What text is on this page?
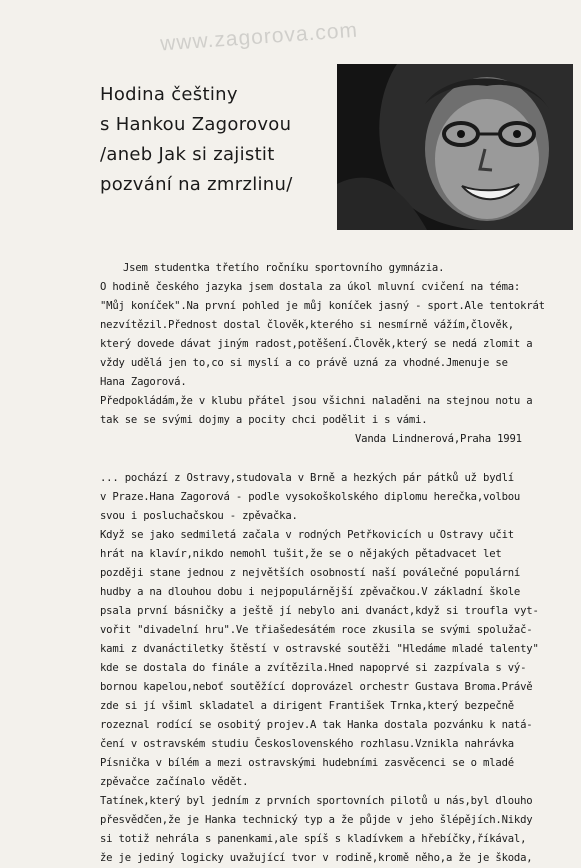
www.zagorova.com
Hodina češtiny
s Hankou Zagorovou
/aneb Jak si zajistit
pozvání na zmrzlinu/

Jsem studentka třetího ročníku sportovního gymnázia.

O hodině českého jazyka jsem dostala za úkol mluvní cvičení na téma:

"Můj koníček".Na první pohled je můj koníček jasný - sport.Ale tentokrát

nezvítězil.Přednost dostal člověk,kterého si nesmírně vážím,člověk,

který dovede dávat jiným radost,potěšení.Člověk,který se nedá zlomit a

vždy udělá jen to,co si myslí a co právě uzná za vhodné.Jmenuje se

Hana Zagorová.

Předpokládám,že v klubu přátel jsou všichni naladěni na stejnou notu a

tak se se svými dojmy a pocity chci podělit i s vámi.

Vanda Lindnerová,Praha 1991

... pochází z Ostravy,studovala v Brně a hezkých pár pátků už bydlí

v Praze.Hana Zagorová - podle vysokoškolského diplomu herečka,volbou

svou i posluchačskou - zpěvačka.

Když se jako sedmiletá začala v rodných Petřkovicích u Ostravy učit

hrát na klavír,nikdo nemohl tušit,že se o nějakých pětadvacet let

později stane jednou z největších osobností naší poválečné populární

hudby a na dlouhou dobu i nejpopulárnější zpěvačkou.V základní škole

psala první básničky a ještě jí nebylo ani dvanáct,když si troufla vyt-

vořit "divadelní hru".Ve třiašedesátém roce zkusila se svými spolužač-

kami z dvanáctiletky štěstí v ostravské soutěži "Hledáme mladé talenty"

kde se dostala do finále a zvítězila.Hned napoprvé si zazpívala s vý-

bornou kapelou,neboť soutěžící doprovázel orchestr Gustava Broma.Právě

zde si jí všiml skladatel a dirigent František Trnka,který bezpečně

rozeznal rodící se osobitý projev.A tak Hanka dostala pozvánku k natá-

čení v ostravském studiu Československého rozhlasu.Vznikla nahrávka

Písnička v bílém a mezi ostravskými hudebními zasvěcenci se o mladé

zpěvačce začínalo vědět.

Tatínek,který byl jedním z prvních sportovních pilotů u nás,byl dlouho

přesvědčen,že je Hanka technický typ a že půjde v jeho šlépějích.Nikdy

si totiž nehrála s panenkami,ale spíš s kladívkem a hřebíčky,říkával,

že je jediný logicky uvažující tvor v rodině,kromě něho,a že je škoda,
